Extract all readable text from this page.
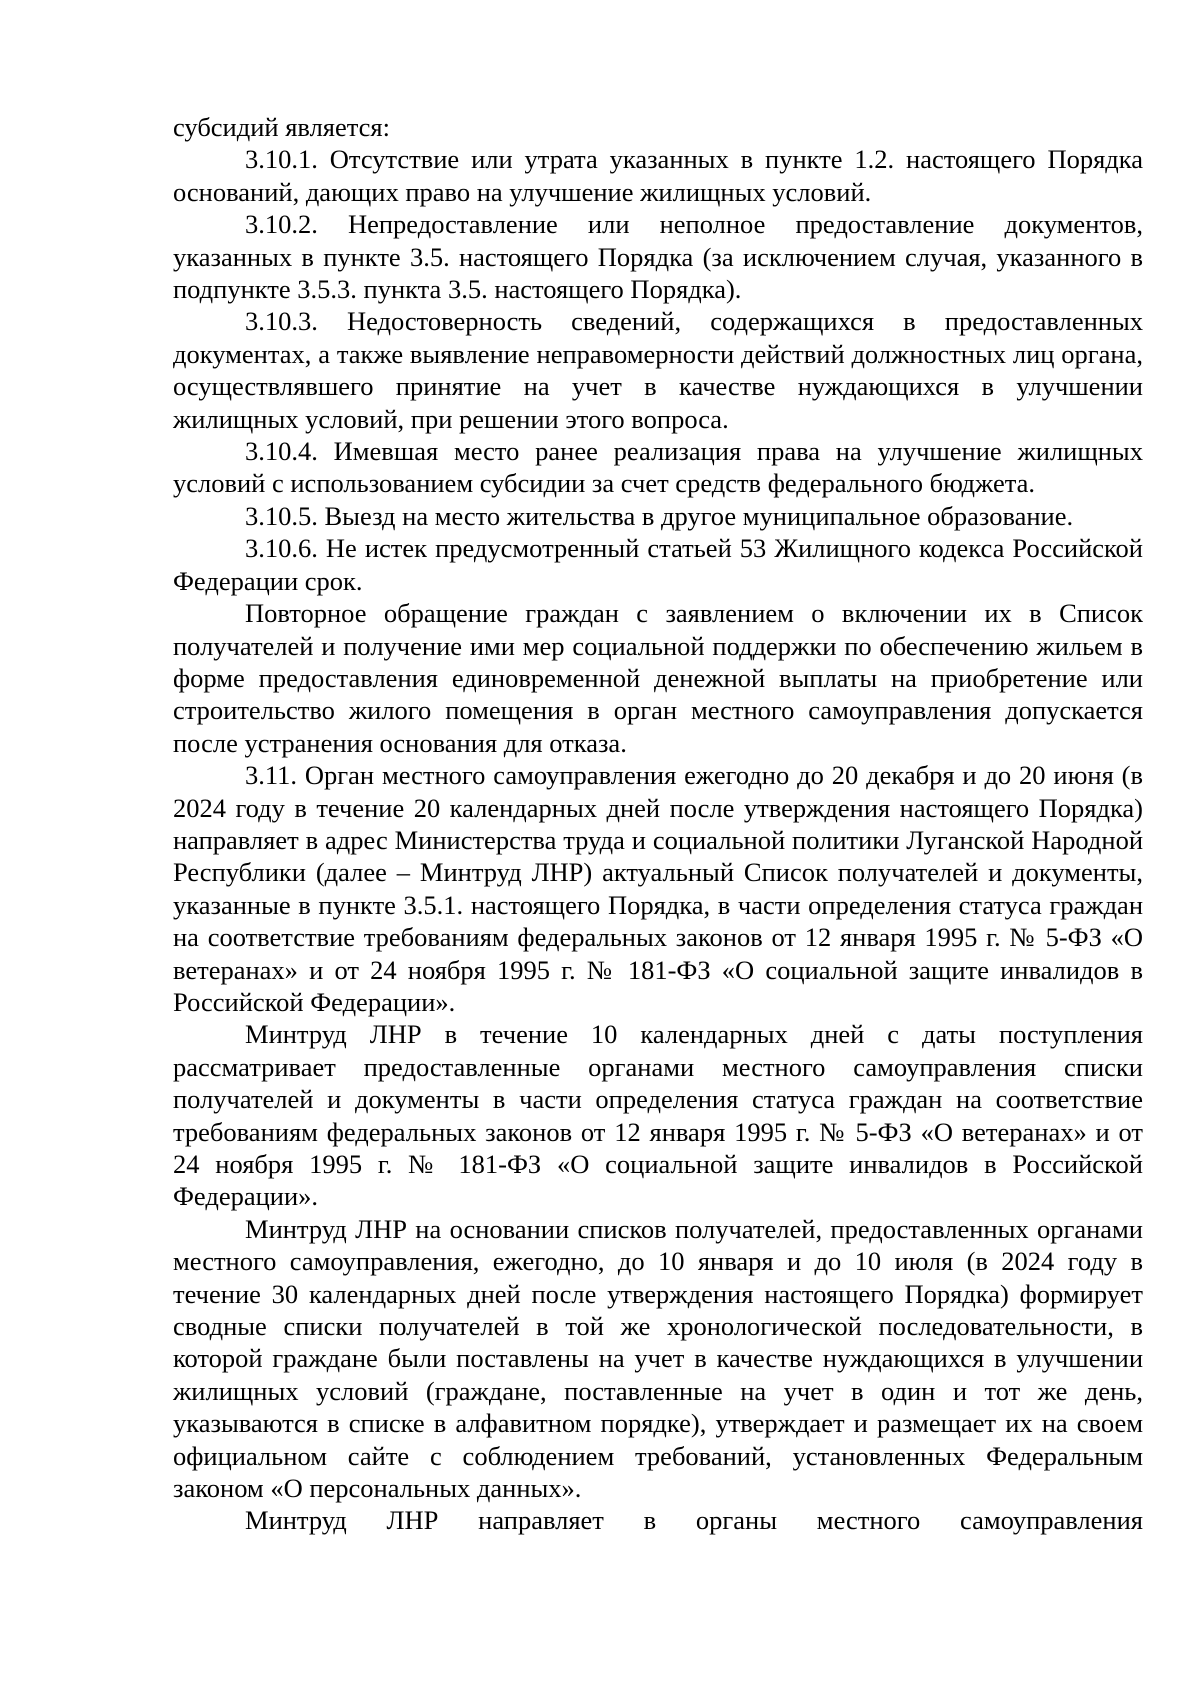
субсидий является:

3.10.1. Отсутствие или утрата указанных в пункте 1.2. настоящего Порядка оснований, дающих право на улучшение жилищных условий.

3.10.2. Непредоставление или неполное предоставление документов, указанных в пункте 3.5. настоящего Порядка (за исключением случая, указанного в подпункте 3.5.3. пункта 3.5. настоящего Порядка).

3.10.3. Недостоверность сведений, содержащихся в предоставленных документах, а также выявление неправомерности действий должностных лиц органа, осуществлявшего принятие на учет в качестве нуждающихся в улучшении жилищных условий, при решении этого вопроса.

3.10.4. Имевшая место ранее реализация права на улучшение жилищных условий с использованием субсидии за счет средств федерального бюджета.

3.10.5. Выезд на место жительства в другое муниципальное образование.

3.10.6. Не истек предусмотренный статьей 53 Жилищного кодекса Российской Федерации срок.

Повторное обращение граждан с заявлением о включении их в Список получателей и получение ими мер социальной поддержки по обеспечению жильем в форме предоставления единовременной денежной выплаты на приобретение или строительство жилого помещения в орган местного самоуправления допускается после устранения основания для отказа.

3.11. Орган местного самоуправления ежегодно до 20 декабря и до 20 июня (в 2024 году в течение 20 календарных дней после утверждения настоящего Порядка) направляет в адрес Министерства труда и социальной политики Луганской Народной Республики (далее – Минтруд ЛНР) актуальный Список получателей и документы, указанные в пункте 3.5.1. настоящего Порядка, в части определения статуса граждан на соответствие требованиям федеральных законов от 12 января 1995 г. № 5-ФЗ «О ветеранах» и от 24 ноября 1995 г. № 181-ФЗ «О социальной защите инвалидов в Российской Федерации».

Минтруд ЛНР в течение 10 календарных дней с даты поступления рассматривает предоставленные органами местного самоуправления списки получателей и документы в части определения статуса граждан на соответствие требованиям федеральных законов от 12 января 1995 г. № 5-ФЗ «О ветеранах» и от 24 ноября 1995 г. № 181-ФЗ «О социальной защите инвалидов в Российской Федерации».

Минтруд ЛНР на основании списков получателей, предоставленных органами местного самоуправления, ежегодно, до 10 января и до 10 июля (в 2024 году в течение 30 календарных дней после утверждения настоящего Порядка) формирует сводные списки получателей в той же хронологической последовательности, в которой граждане были поставлены на учет в качестве нуждающихся в улучшении жилищных условий (граждане, поставленные на учет в один и тот же день, указываются в списке в алфавитном порядке), утверждает и размещает их на своем официальном сайте с соблюдением требований, установленных Федеральным законом «О персональных данных».

Минтруд ЛНР направляет в органы местного самоуправления
